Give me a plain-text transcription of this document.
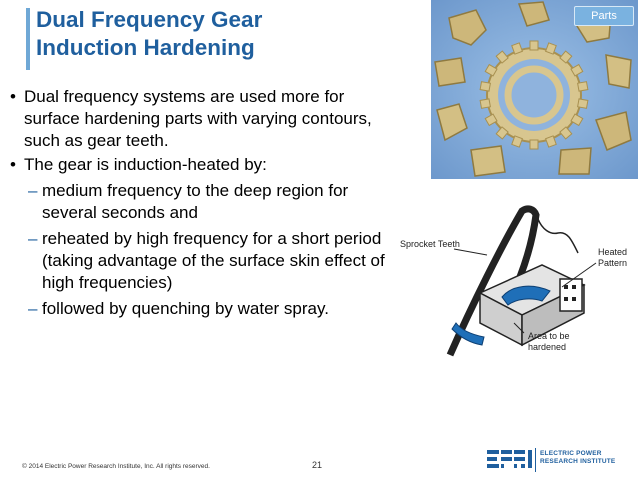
Dual Frequency Gear
Induction Hardening
• Dual frequency systems are used more for surface hardening parts with varying contours, such as gear teeth.
• The gear is induction-heated by:
– medium frequency to the deep region for several seconds and
– reheated by high frequency for a short period (taking advantage of the surface skin effect of high frequencies)
– followed by quenching by water spray.
Parts
Sprocket Teeth
Heated
Pattern
Area to be
hardened
© 2014 Electric Power Research Institute, Inc. All rights reserved.	21
ELECTRIC POWER
RESEARCH INSTITUTE
